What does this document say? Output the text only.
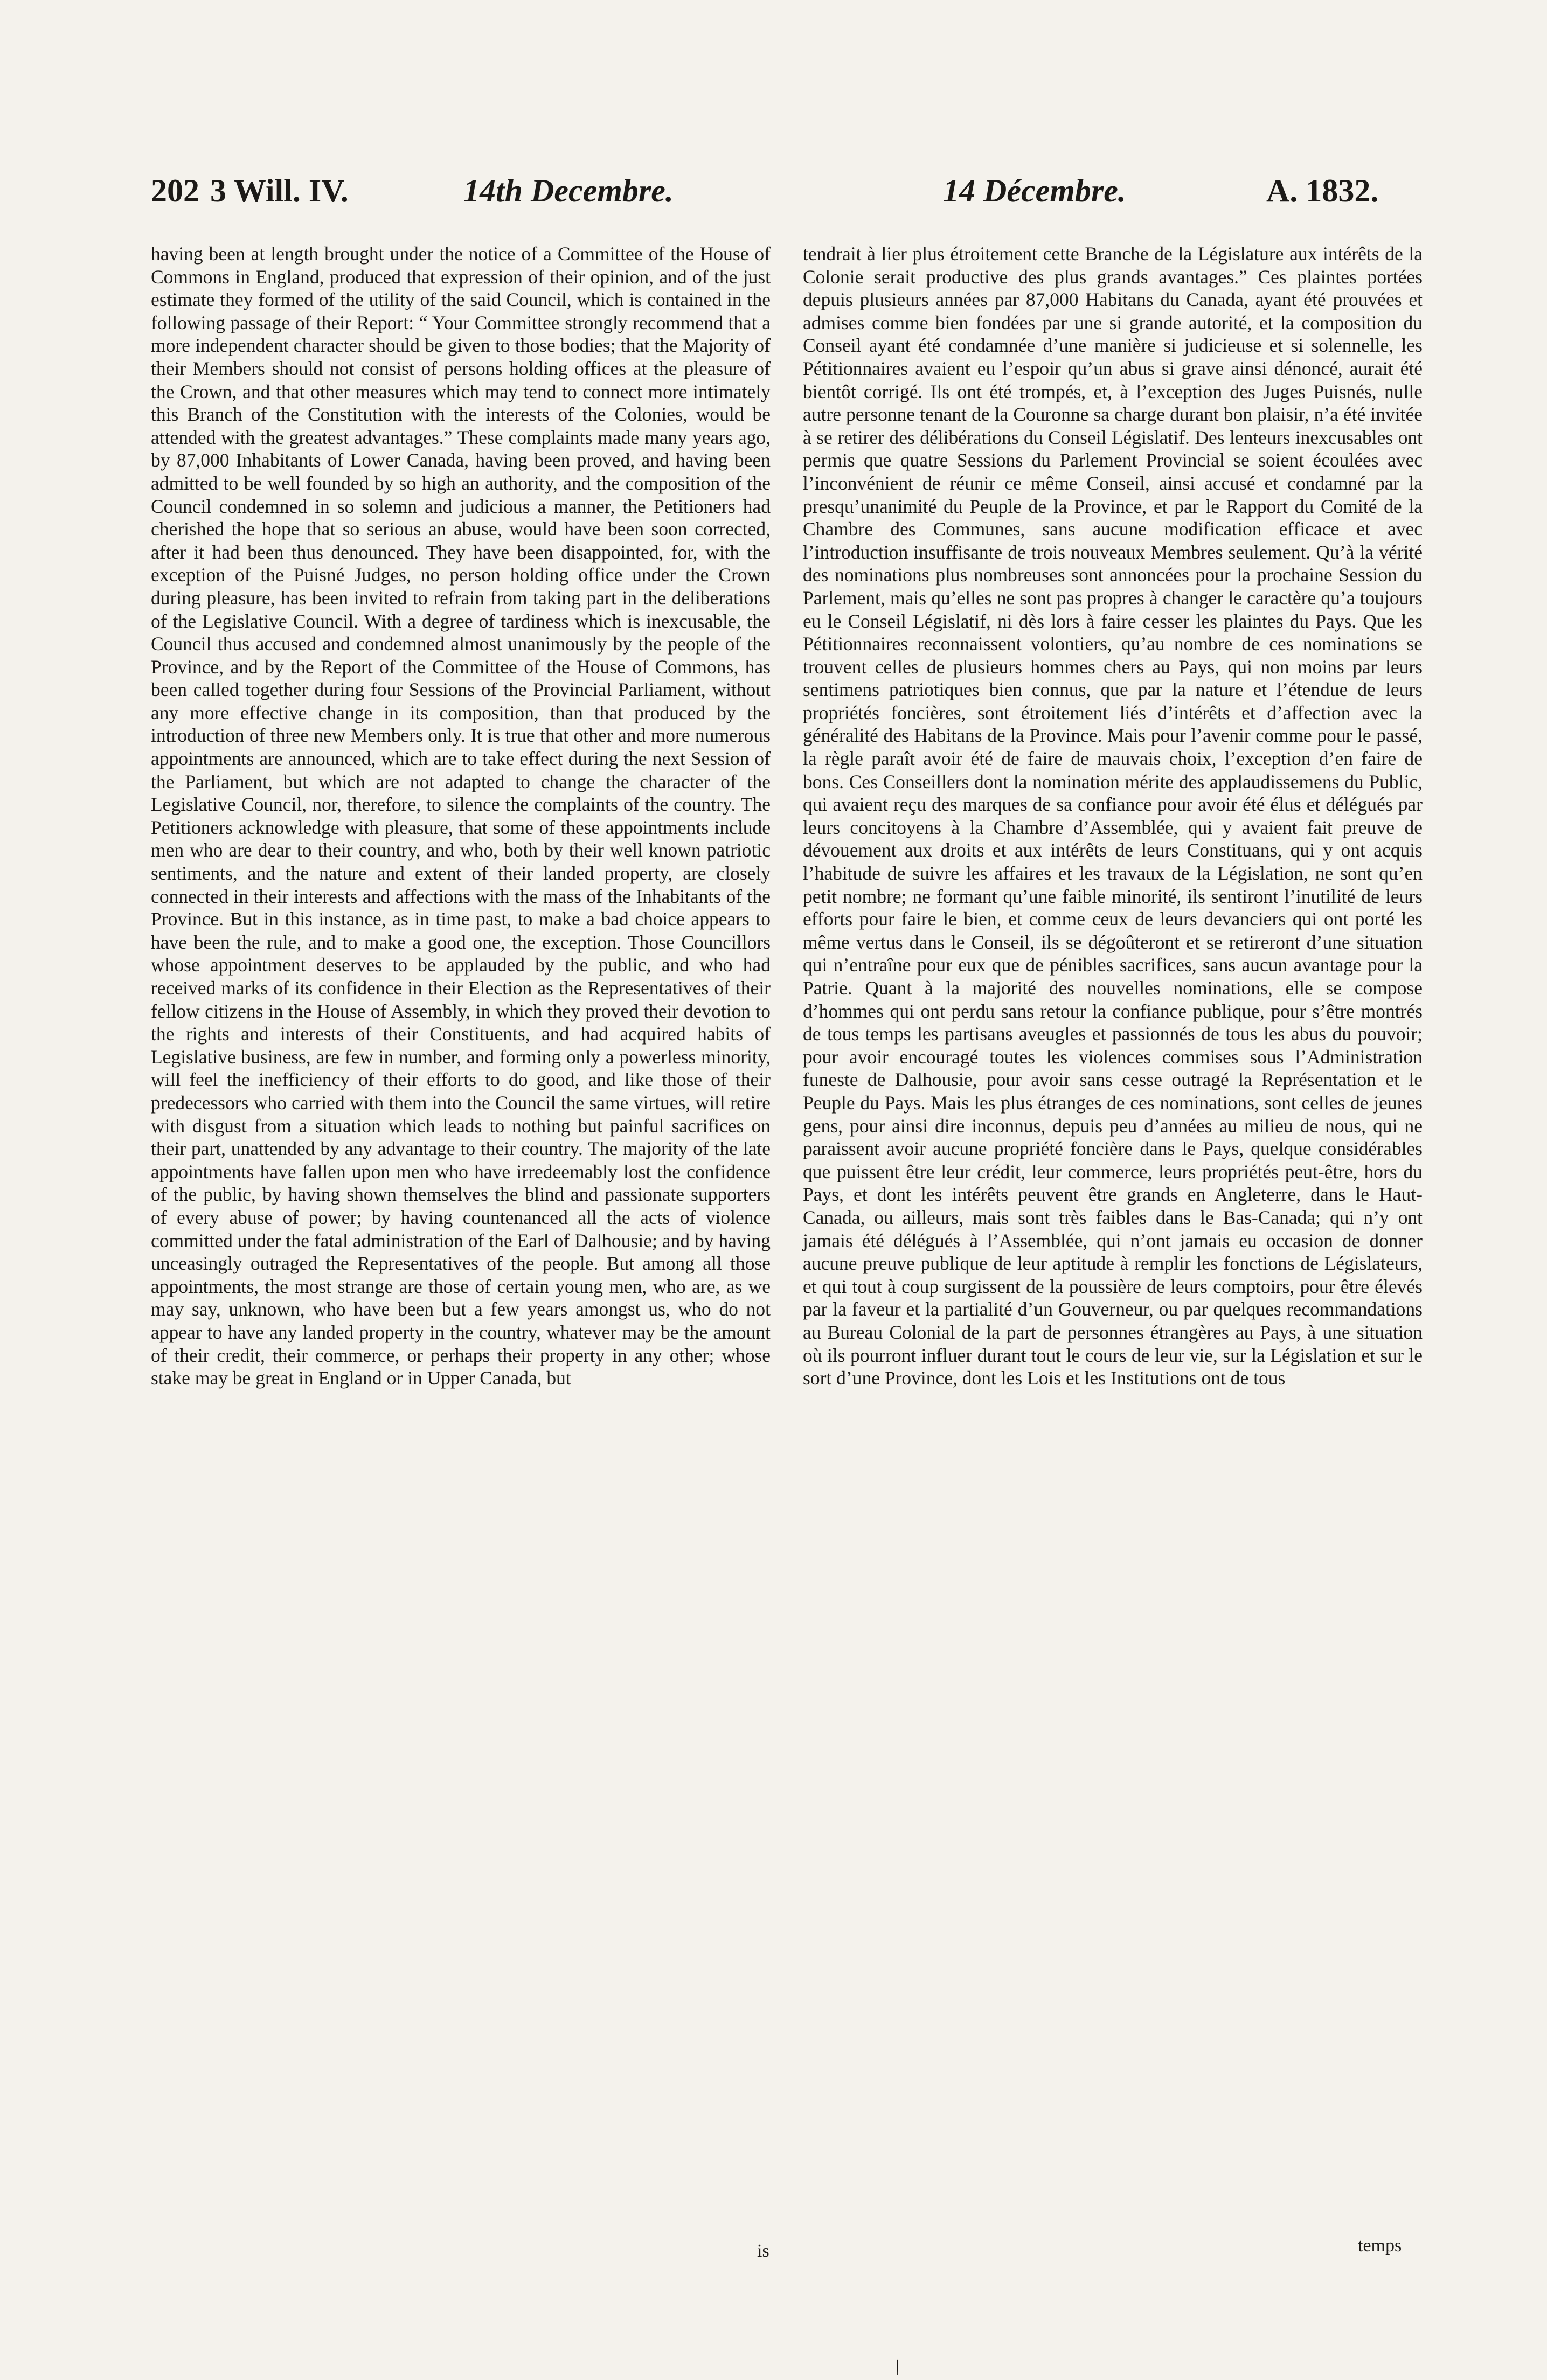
202 3 Will. IV.	14th Decembre.	14 Décembre.	A. 1832.

having been at length brought under the notice of a Committee of the House of Commons in England, produced that expression of their opinion, and of the just estimate they formed of the utility of the said Council, which is contained in the following passage of their Report: “ Your Committee strongly recommend that a more independent character should be given to those bodies; that the Majority of their Members should not consist of persons holding offices at the pleasure of the Crown, and that other measures which may tend to connect more intimately this Branch of the Constitution with the interests of the Colonies, would be attended with the greatest advantages.” These complaints made many years ago, by 87,000 Inhabitants of Lower Canada, having been proved, and having been admitted to be well founded by so high an authority, and the composition of the Council condemned in so solemn and judicious a manner, the Petitioners had cherished the hope that so serious an abuse, would have been soon corrected, after it had been thus denounced. They have been disappointed, for, with the exception of the Puisné Judges, no person holding office under the Crown during pleasure, has been invited to refrain from taking part in the deliberations of the Legislative Council. With a degree of tardiness which is inexcusable, the Council thus accused and condemned almost unanimously by the people of the Province, and by the Report of the Committee of the House of Commons, has been called together during four Sessions of the Provincial Parliament, without any more effective change in its composition, than that produced by the introduction of three new Members only. It is true that other and more numerous appointments are announced, which are to take effect during the next Session of the Parliament, but which are not adapted to change the character of the Legislative Council, nor, therefore, to silence the complaints of the country. The Petitioners acknowledge with pleasure, that some of these appointments include men who are dear to their country, and who, both by their well known patriotic sentiments, and the nature and extent of their landed property, are closely connected in their interests and affections with the mass of the Inhabitants of the Province. But in this instance, as in time past, to make a bad choice appears to have been the rule, and to make a good one, the exception. Those Councillors whose appointment deserves to be applauded by the public, and who had received marks of its confidence in their Election as the Representatives of their fellow citizens in the House of Assembly, in which they proved their devotion to the rights and interests of their Constituents, and had acquired habits of Legislative business, are few in number, and forming only a powerless minority, will feel the inefficiency of their efforts to do good, and like those of their predecessors who carried with them into the Council the same virtues, will retire with disgust from a situation which leads to nothing but painful sacrifices on their part, unattended by any advantage to their country. The majority of the late appointments have fallen upon men who have irredeemably lost the confidence of the public, by having shown themselves the blind and passionate supporters of every abuse of power; by having countenanced all the acts of violence committed under the fatal administration of the Earl of Dalhousie; and by having unceasingly outraged the Representatives of the people. But among all those appointments, the most strange are those of certain young men, who are, as we may say, unknown, who have been but a few years amongst us, who do not appear to have any landed property in the country, whatever may be the amount of their credit, their commerce, or perhaps their property in any other; whose stake may be great in England or in Upper Canada, but

tendrait à lier plus étroitement cette Branche de la Législature aux intérêts de la Colonie serait productive des plus grands avantages.” Ces plaintes portées depuis plusieurs années par 87,000 Habitans du Canada, ayant été prouvées et admises comme bien fondées par une si grande autorité, et la composition du Conseil ayant été condamnée d’une manière si judicieuse et si solennelle, les Pétitionnaires avaient eu l’espoir qu’un abus si grave ainsi dénoncé, aurait été bientôt corrigé. Ils ont été trompés, et, à l’exception des Juges Puisnés, nulle autre personne tenant de la Couronne sa charge durant bon plaisir, n’a été invitée à se retirer des délibérations du Conseil Législatif. Des lenteurs inexcusables ont permis que quatre Sessions du Parlement Provincial se soient écoulées avec l’inconvénient de réunir ce même Conseil, ainsi accusé et condamné par la presqu’unanimité du Peuple de la Province, et par le Rapport du Comité de la Chambre des Communes, sans aucune modification efficace et avec l’introduction insuffisante de trois nouveaux Membres seulement. Qu’à la vérité des nominations plus nombreuses sont annoncées pour la prochaine Session du Parlement, mais qu’elles ne sont pas propres à changer le caractère qu’a toujours eu le Conseil Législatif, ni dès lors à faire cesser les plaintes du Pays. Que les Pétitionnaires reconnaissent volontiers, qu’au nombre de ces nominations se trouvent celles de plusieurs hommes chers au Pays, qui non moins par leurs sentimens patriotiques bien connus, que par la nature et l’étendue de leurs propriétés foncières, sont étroitement liés d’intérêts et d’affection avec la généralité des Habitans de la Province. Mais pour l’avenir comme pour le passé, la règle paraît avoir été de faire de mauvais choix, l’exception d’en faire de bons. Ces Conseillers dont la nomination mérite des applaudissemens du Public, qui avaient reçu des marques de sa confiance pour avoir été élus et délégués par leurs concitoyens à la Chambre d’Assemblée, qui y avaient fait preuve de dévouement aux droits et aux intérêts de leurs Constituans, qui y ont acquis l’habitude de suivre les affaires et les travaux de la Législation, ne sont qu’en petit nombre; ne formant qu’une faible minorité, ils sentiront l’inutilité de leurs efforts pour faire le bien, et comme ceux de leurs devanciers qui ont porté les même vertus dans le Conseil, ils se dégoûteront et se retireront d’une situation qui n’entraîne pour eux que de pénibles sacrifices, sans aucun avantage pour la Patrie. Quant à la majorité des nouvelles nominations, elle se compose d’hommes qui ont perdu sans retour la confiance publique, pour s’être montrés de tous temps les partisans aveugles et passionnés de tous les abus du pouvoir; pour avoir encouragé toutes les violences commises sous l’Administration funeste de Dalhousie, pour avoir sans cesse outragé la Représentation et le Peuple du Pays. Mais les plus étranges de ces nominations, sont celles de jeunes gens, pour ainsi dire inconnus, depuis peu d’années au milieu de nous, qui ne paraissent avoir aucune propriété foncière dans le Pays, quelque considérables que puissent être leur crédit, leur commerce, leurs propriétés peut-être, hors du Pays, et dont les intérêts peuvent être grands en Angleterre, dans le Haut-Canada, ou ailleurs, mais sont très faibles dans le Bas-Canada; qui n’y ont jamais été délégués à l’Assemblée, qui n’ont jamais eu occasion de donner aucune preuve publique de leur aptitude à remplir les fonctions de Législateurs, et qui tout à coup surgissent de la poussière de leurs comptoirs, pour être élevés par la faveur et la partialité d’un Gouverneur, ou par quelques recommandations au Bureau Colonial de la part de personnes étrangères au Pays, à une situation où ils pourront influer durant tout le cours de leur vie, sur la Législation et sur le sort d’une Province, dont les Lois et les Institutions ont de tous

is	temps
/
